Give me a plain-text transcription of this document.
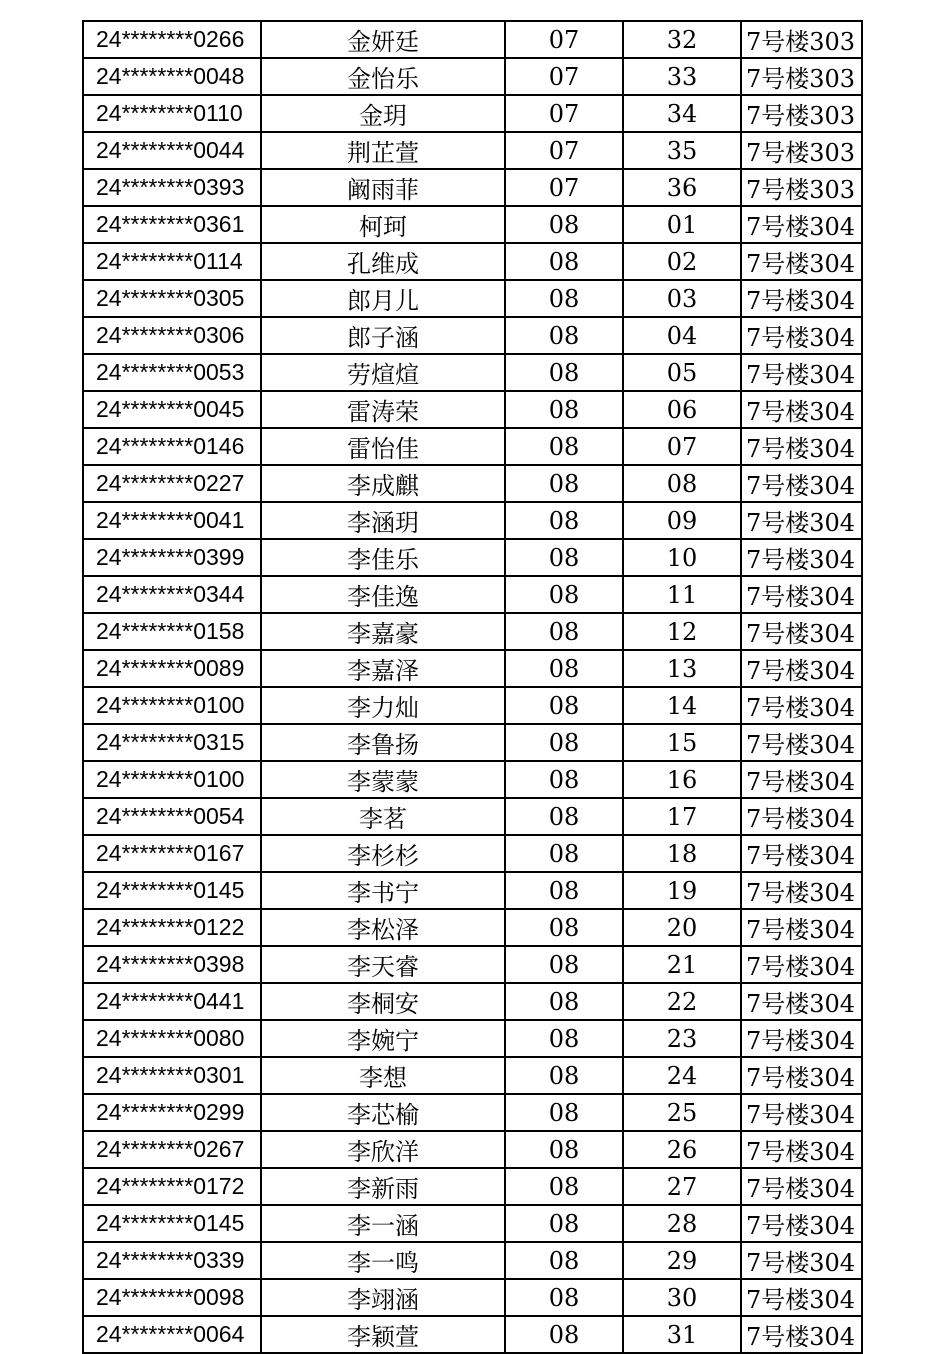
24********0266	金妍廷	07	32	7号楼303
24********0048	金怡乐	07	33	7号楼303
24********0110	金玥	07	34	7号楼303
24********0044	荆芷萱	07	35	7号楼303
24********0393	阚雨菲	07	36	7号楼303
24********0361	柯珂	08	01	7号楼304
24********0114	孔维成	08	02	7号楼304
24********0305	郎月儿	08	03	7号楼304
24********0306	郎子涵	08	04	7号楼304
24********0053	劳煊煊	08	05	7号楼304
24********0045	雷涛荣	08	06	7号楼304
24********0146	雷怡佳	08	07	7号楼304
24********0227	李成麒	08	08	7号楼304
24********0041	李涵玥	08	09	7号楼304
24********0399	李佳乐	08	10	7号楼304
24********0344	李佳逸	08	11	7号楼304
24********0158	李嘉豪	08	12	7号楼304
24********0089	李嘉泽	08	13	7号楼304
24********0100	李力灿	08	14	7号楼304
24********0315	李鲁扬	08	15	7号楼304
24********0100	李蒙蒙	08	16	7号楼304
24********0054	李茗	08	17	7号楼304
24********0167	李杉杉	08	18	7号楼304
24********0145	李书宁	08	19	7号楼304
24********0122	李松泽	08	20	7号楼304
24********0398	李天睿	08	21	7号楼304
24********0441	李桐安	08	22	7号楼304
24********0080	李婉宁	08	23	7号楼304
24********0301	李想	08	24	7号楼304
24********0299	李芯榆	08	25	7号楼304
24********0267	李欣洋	08	26	7号楼304
24********0172	李新雨	08	27	7号楼304
24********0145	李一涵	08	28	7号楼304
24********0339	李一鸣	08	29	7号楼304
24********0098	李翊涵	08	30	7号楼304
24********0064	李颖萱	08	31	7号楼304
